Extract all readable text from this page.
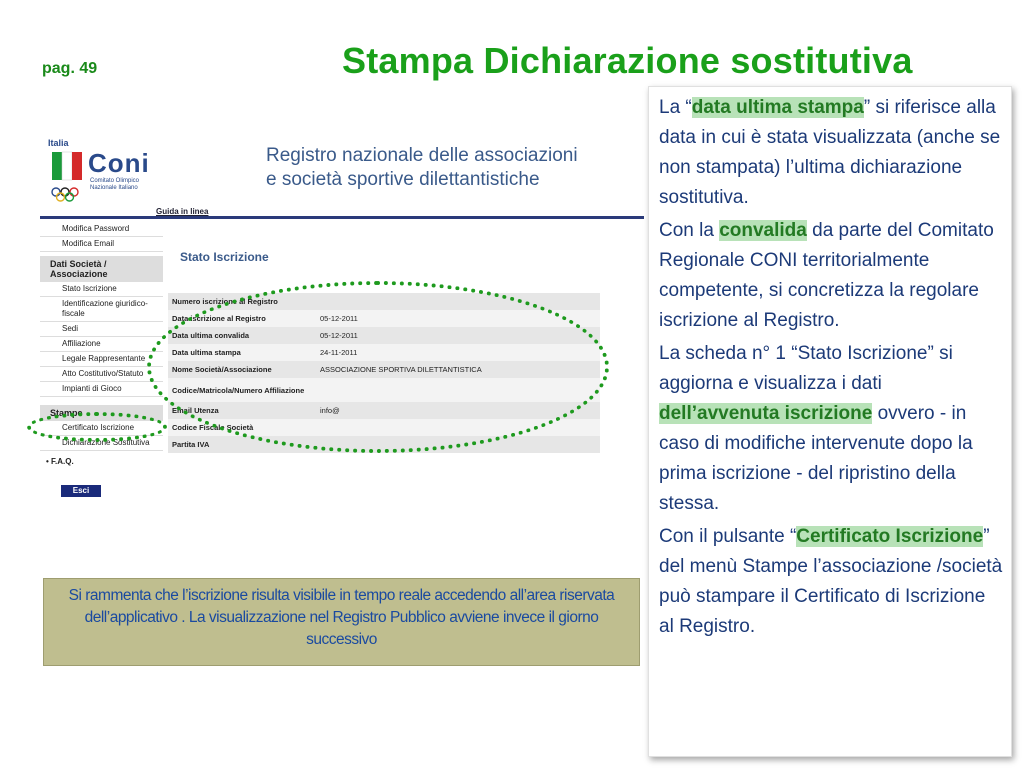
pag. 49	Stampa Dichiarazione sostitutiva
Italia
Coni
Comitato Olimpico Nazionale Italiano
Registro nazionale delle associazioni
e società sportive dilettantistiche
Guida in linea
Modifica Password
Modifica Email
Dati Società / Associazione
Stato Iscrizione
Identificazione giuridico-fiscale
Sedi
Affiliazione
Legale Rappresentante
Atto Costitutivo/Statuto
Impianti di Gioco
Stampe
Certificato Iscrizione
Dichiarazione Sostitutiva
• F.A.Q.
Esci
Stato Iscrizione
Numero iscrizione al Registro	
Data iscrizione al Registro	05-12-2011
Data ultima convalida	05-12-2011
Data ultima stampa	24-11-2011
Nome Società/Associazione	ASSOCIAZIONE SPORTIVA DILETTANTISTICA
Codice/Matricola/Numero Affiliazione	
Email Utenza	info@
Codice Fiscale Società	
Partita IVA	
Si rammenta che l’iscrizione risulta visibile in tempo reale accedendo all’area riservata dell’applicativo . La visualizzazione nel Registro Pubblico avviene invece il giorno successivo

La “data ultima stampa” si riferisce alla data in cui è stata visualizzata (anche se non stampata) l’ultima dichiarazione sostitutiva.

Con la convalida da parte del Comitato Regionale CONI territorialmente competente, si concretizza la regolare iscrizione al Registro.

La scheda n° 1 “Stato Iscrizione” si aggiorna e visualizza i dati dell’avvenuta iscrizione ovvero - in caso di modifiche intervenute dopo la prima iscrizione - del ripristino della stessa.

Con il pulsante “Certificato Iscrizione” del menù Stampe l’associazione /società può stampare il Certificato di Iscrizione al Registro.
